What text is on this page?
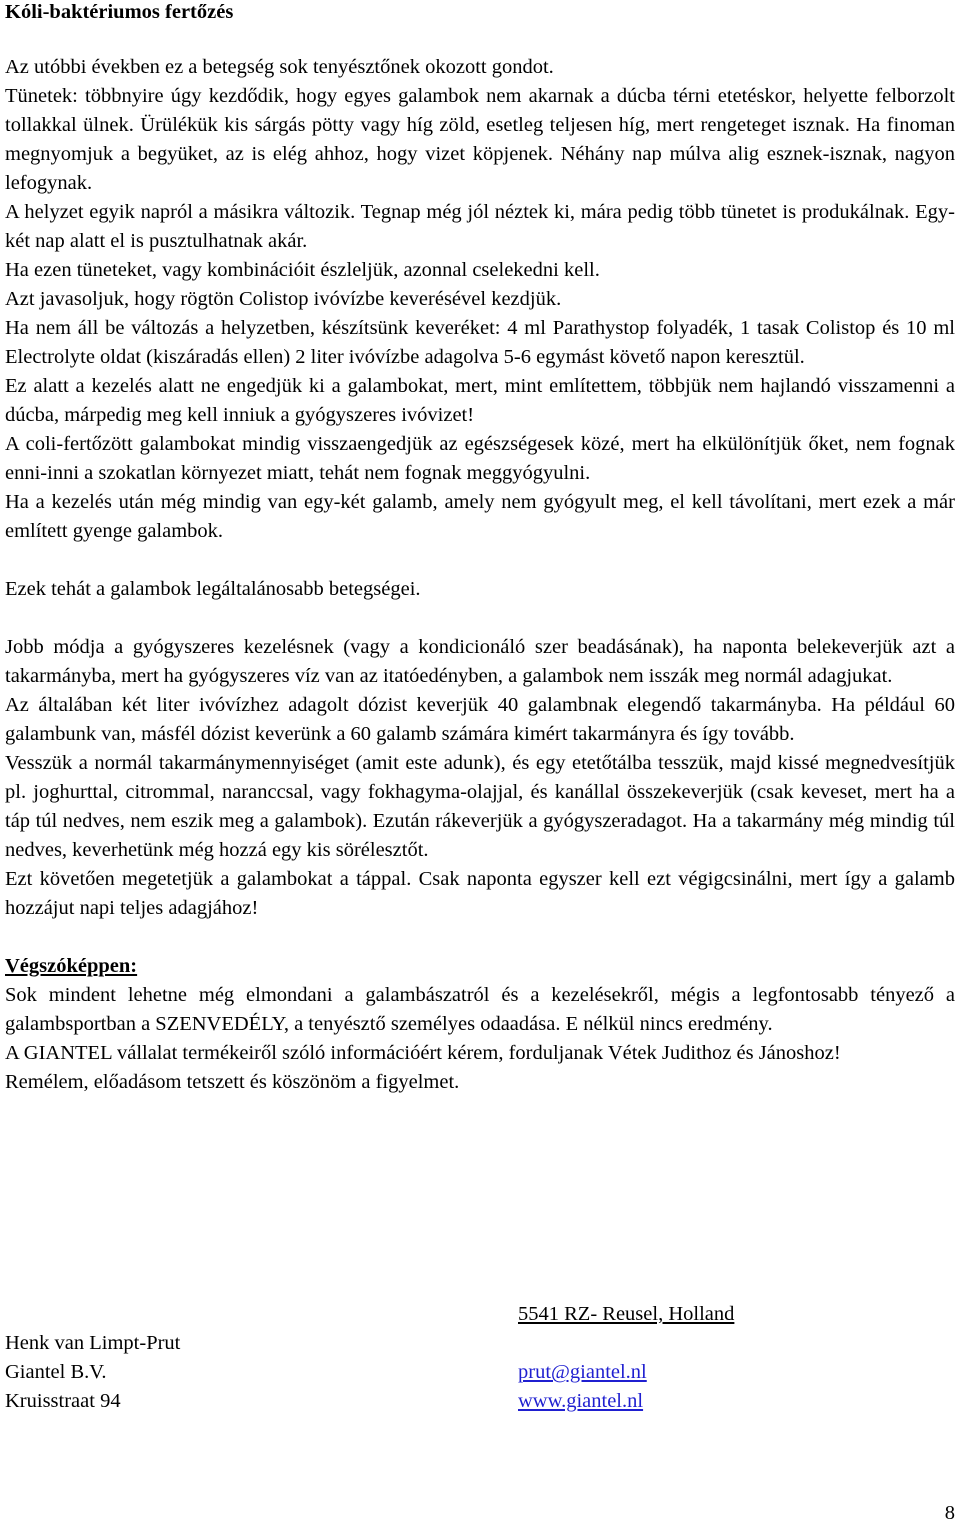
Kóli-baktériumos fertőzés

Az utóbbi években ez a betegség sok tenyésztőnek okozott gondot.

Tünetek: többnyire úgy kezdődik, hogy egyes galambok nem akarnak a dúcba térni etetéskor, helyette felborzolt tollakkal ülnek. Ürülékük kis sárgás pötty vagy híg zöld, esetleg teljesen híg, mert rengeteget isznak. Ha finoman megnyomjuk a begyüket, az is elég ahhoz, hogy vizet köpjenek. Néhány nap múlva alig esznek-isznak, nagyon lefogynak.

A helyzet egyik napról a másikra változik. Tegnap még jól néztek ki, mára pedig több tünetet is produkálnak. Egy-két nap alatt el is pusztulhatnak akár.

Ha ezen tüneteket, vagy kombinációit észleljük, azonnal cselekedni kell.

Azt javasoljuk, hogy rögtön Colistop ivóvízbe keverésével kezdjük.

Ha nem áll be változás a helyzetben, készítsünk keveréket: 4 ml Parathystop folyadék, 1 tasak Colistop és 10 ml Electrolyte oldat (kiszáradás ellen) 2 liter ivóvízbe adagolva 5-6 egymást követő napon keresztül.

Ez alatt a kezelés alatt ne engedjük ki a galambokat, mert, mint említettem, többjük nem hajlandó visszamenni a dúcba, márpedig meg kell inniuk a gyógyszeres ivóvizet!

A coli-fertőzött galambokat mindig visszaengedjük az egészségesek közé, mert ha elkülönítjük őket, nem fognak enni-inni a szokatlan környezet miatt, tehát nem fognak meggyógyulni.

Ha a kezelés után még mindig van egy-két galamb, amely nem gyógyult meg, el kell távolítani, mert ezek a már említett gyenge galambok.

Ezek tehát a galambok legáltalánosabb betegségei.

Jobb módja a gyógyszeres kezelésnek (vagy a kondicionáló szer beadásának), ha naponta belekeverjük azt a takarmányba, mert ha gyógyszeres víz van az itatóedényben, a galambok nem isszák meg normál adagjukat.

Az általában két liter ivóvízhez adagolt dózist keverjük 40 galambnak elegendő takarmányba. Ha például 60 galambunk van, másfél dózist keverünk a 60 galamb számára kimért takarmányra és így tovább.

Vesszük a normál takarmánymennyiséget (amit este adunk), és egy etetőtálba tesszük, majd kissé megnedvesítjük pl. joghurttal, citrommal, naranccsal, vagy fokhagyma-olajjal, és kanállal összekeverjük (csak keveset, mert ha a táp túl nedves, nem eszik meg a galambok). Ezután rákeverjük a gyógyszeradagot. Ha a takarmány még mindig túl nedves, keverhetünk még hozzá egy kis sörélesztőt.

Ezt követően megetetjük a galambokat a táppal. Csak naponta egyszer kell ezt végigcsinálni, mert így a galamb hozzájut napi teljes adagjához!

Végszóképpen:

Sok mindent lehetne még elmondani a galambászatról és a kezelésekről, mégis a legfontosabb tényező a galambsportban a SZENVEDÉLY, a tenyésztő személyes odaadása. E nélkül nincs eredmény.

A GIANTEL vállalat termékeiről szóló információért kérem, forduljanak Vétek Judithoz és Jánoshoz!

Remélem, előadásom tetszett és köszönöm a figyelmet.

5541 RZ- Reusel, Holland
Henk van Limpt-Prut
Giantel B.V.	prut@giantel.nl
Kruisstraat 94	www.giantel.nl
8
